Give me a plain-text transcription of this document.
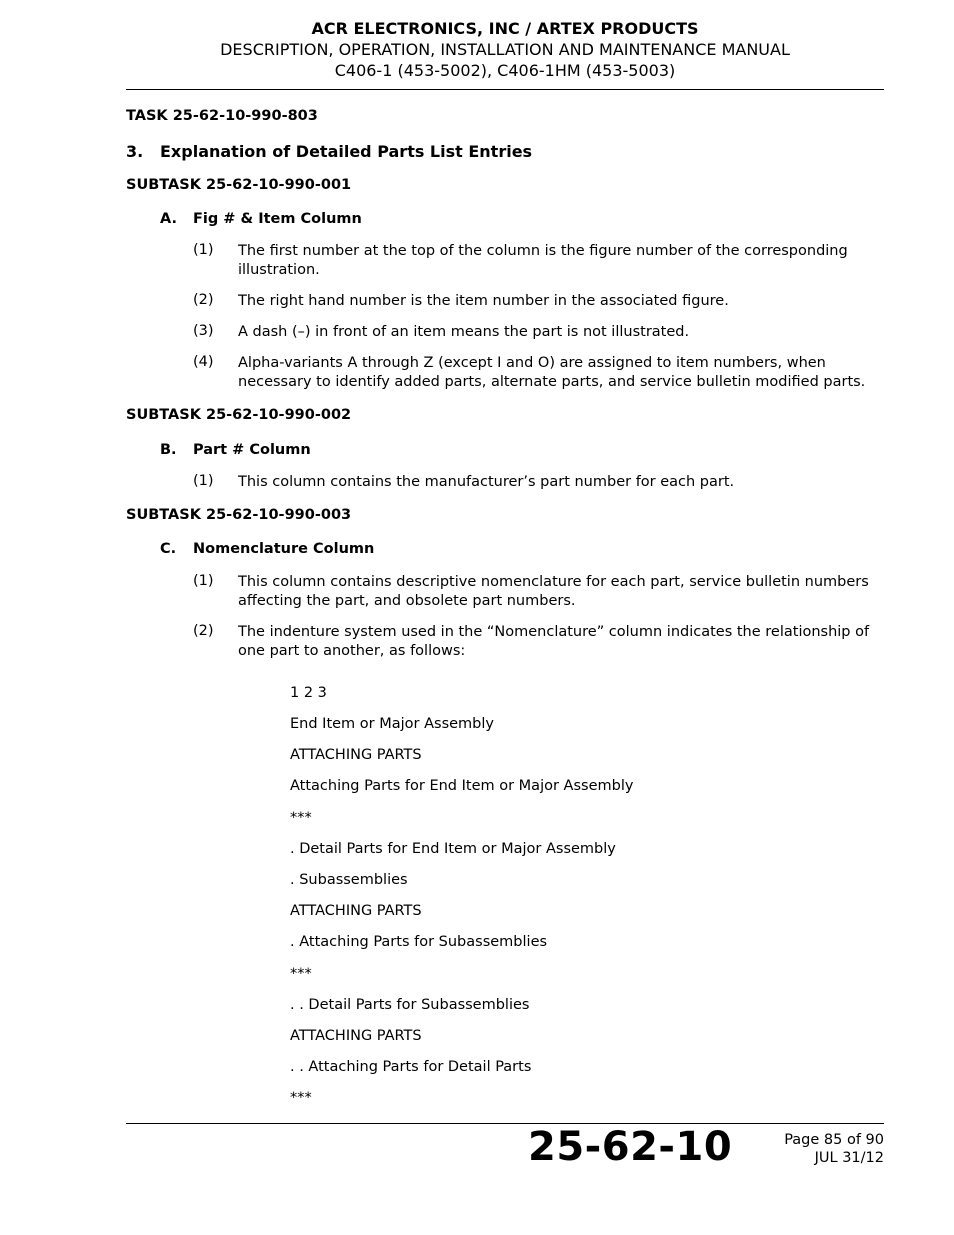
ACR ELECTRONICS, INC / ARTEX PRODUCTS
DESCRIPTION, OPERATION, INSTALLATION AND MAINTENANCE MANUAL
C406-1 (453-5002), C406-1HM (453-5003)
TASK 25-62-10-990-803
3. Explanation of Detailed Parts List Entries
SUBTASK 25-62-10-990-001
A. Fig # & Item Column
(1) The first number at the top of the column is the figure number of the corresponding illustration.
(2) The right hand number is the item number in the associated figure.
(3) A dash (–) in front of an item means the part is not illustrated.
(4) Alpha-variants A through Z (except I and O) are assigned to item numbers, when necessary to identify added parts, alternate parts, and service bulletin modified parts.
SUBTASK 25-62-10-990-002
B. Part # Column
(1) This column contains the manufacturer’s part number for each part.
SUBTASK 25-62-10-990-003
C. Nomenclature Column
(1) This column contains descriptive nomenclature for each part, service bulletin numbers affecting the part, and obsolete part numbers.
(2) The indenture system used in the “Nomenclature” column indicates the relationship of one part to another, as follows:
1 2 3
End Item or Major Assembly
ATTACHING PARTS
Attaching Parts for End Item or Major Assembly
***
. Detail Parts for End Item or Major Assembly
. Subassemblies
ATTACHING PARTS
. Attaching Parts for Subassemblies
***
. . Detail Parts for Subassemblies
ATTACHING PARTS
. . Attaching Parts for Detail Parts
***
25-62-10	Page 85 of 90
JUL 31/12
